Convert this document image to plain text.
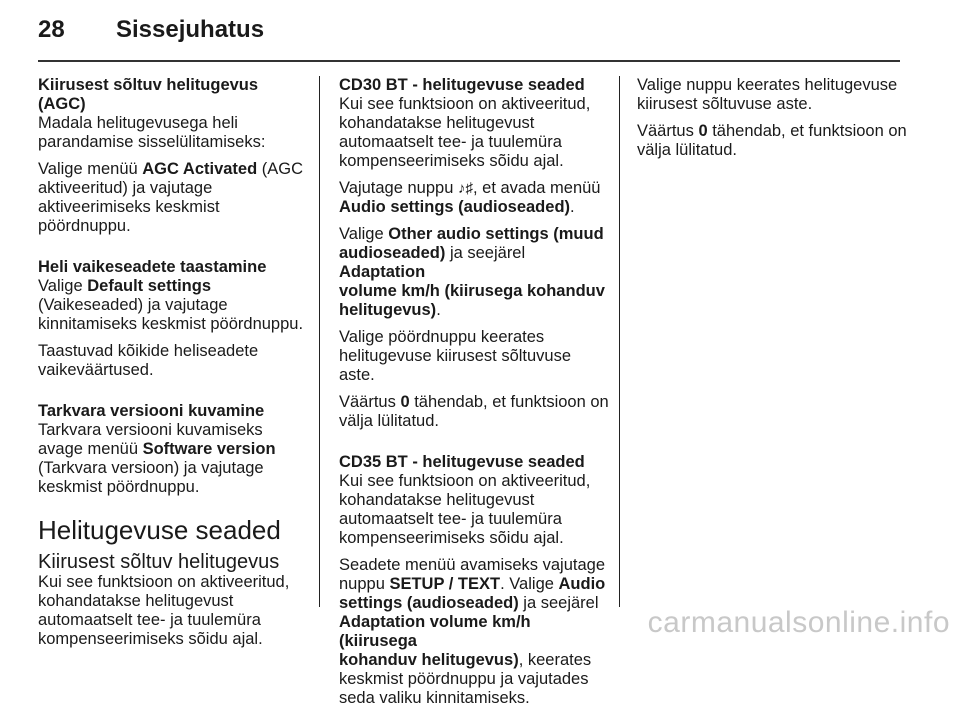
28 Sissejuhatus
Kiirusest sõltuv helitugevus (AGC)

Madala helitugevusega heli
parandamise sisselülitamiseks:

Valige menüü AGC Activated (AGC
aktiveeritud) ja vajutage
aktiveerimiseks keskmist
pöördnuppu.

Heli vaikeseadete taastamine

Valige Default settings
(Vaikeseaded) ja vajutage
kinnitamiseks keskmist pöördnuppu.

Taastuvad kõikide heliseadete
vaikeväärtused.

Tarkvara versiooni kuvamine

Tarkvara versiooni kuvamiseks
avage menüü Software version
(Tarkvara versioon) ja vajutage
keskmist pöördnuppu.

Helitugevuse seaded
Kiirusest sõltuv helitugevus

Kui see funktsioon on aktiveeritud,
kohandatakse helitugevust
automaatselt tee- ja tuulemüra
kompenseerimiseks sõidu ajal.

CD30 BT - helitugevuse seaded

Kui see funktsioon on aktiveeritud,
kohandatakse helitugevust
automaatselt tee- ja tuulemüra
kompenseerimiseks sõidu ajal.

Vajutage nuppu ♪♯, et avada menüü
Audio settings (audioseaded).

Valige Other audio settings (muud
audioseaded) ja seejärel Adaptation
volume km/h (kiirusega kohanduv
helitugevus).

Valige pöördnuppu keerates
helitugevuse kiirusest sõltuvuse aste.

Väärtus 0 tähendab, et funktsioon on
välja lülitatud.

CD35 BT - helitugevuse seaded

Kui see funktsioon on aktiveeritud,
kohandatakse helitugevust
automaatselt tee- ja tuulemüra
kompenseerimiseks sõidu ajal.

Seadete menüü avamiseks vajutage
nuppu SETUP / TEXT. Valige Audio
settings (audioseaded) ja seejärel
Adaptation volume km/h (kiirusega
kohanduv helitugevus), keerates
keskmist pöördnuppu ja vajutades
seda valiku kinnitamiseks.

Valige nuppu keerates helitugevuse
kiirusest sõltuvuse aste.

Väärtus 0 tähendab, et funktsioon on
välja lülitatud.

carmanualsonline.info
